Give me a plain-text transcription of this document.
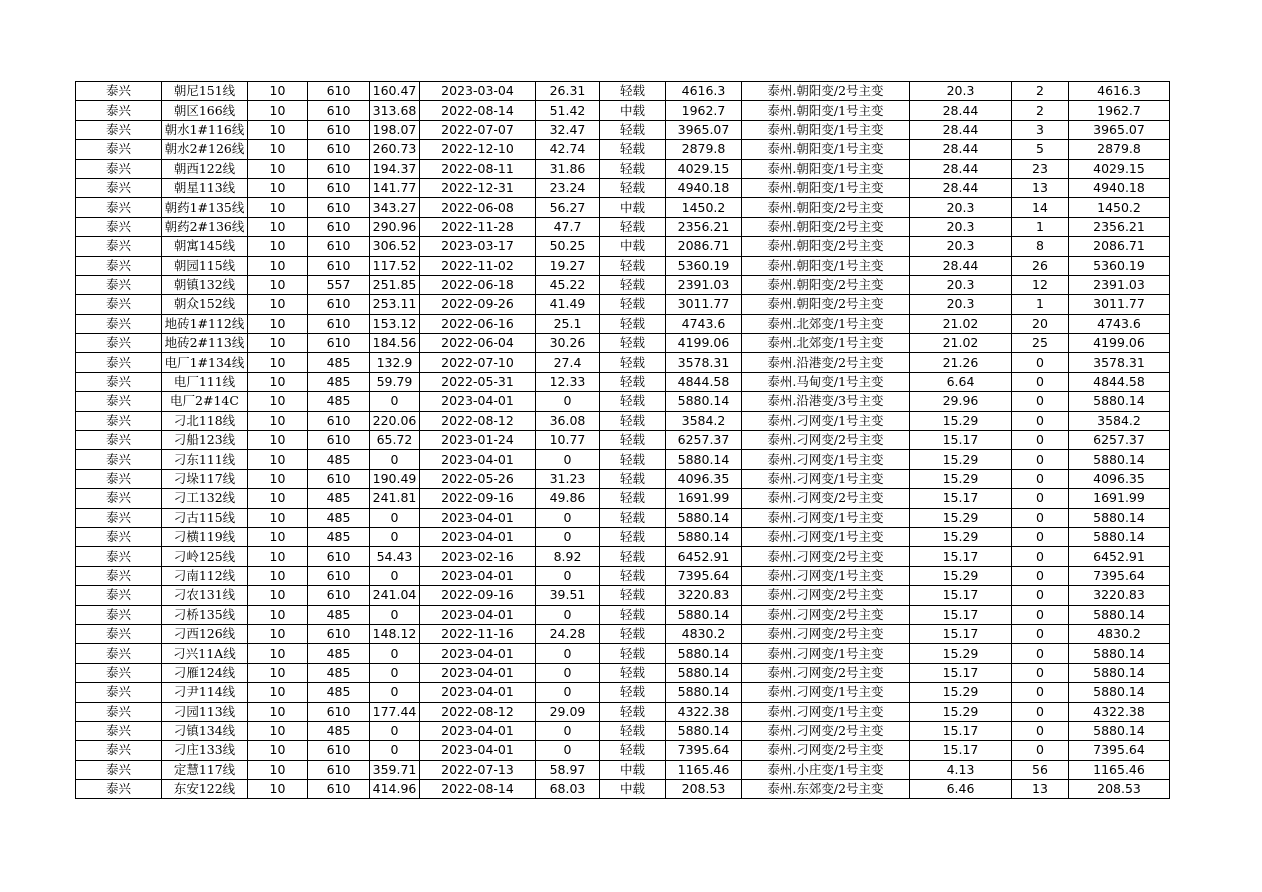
泰兴	朝尼151线	10	610	160.47	2023-03-04	26.31	轻载	4616.3	泰州.朝阳变/2号主变	20.3	2	4616.3
泰兴	朝区166线	10	610	313.68	2022-08-14	51.42	中载	1962.7	泰州.朝阳变/1号主变	28.44	2	1962.7
泰兴	朝水1#116线	10	610	198.07	2022-07-07	32.47	轻载	3965.07	泰州.朝阳变/1号主变	28.44	3	3965.07
泰兴	朝水2#126线	10	610	260.73	2022-12-10	42.74	轻载	2879.8	泰州.朝阳变/1号主变	28.44	5	2879.8
泰兴	朝西122线	10	610	194.37	2022-08-11	31.86	轻载	4029.15	泰州.朝阳变/1号主变	28.44	23	4029.15
泰兴	朝星113线	10	610	141.77	2022-12-31	23.24	轻载	4940.18	泰州.朝阳变/1号主变	28.44	13	4940.18
泰兴	朝药1#135线	10	610	343.27	2022-06-08	56.27	中载	1450.2	泰州.朝阳变/2号主变	20.3	14	1450.2
泰兴	朝药2#136线	10	610	290.96	2022-11-28	47.7	轻载	2356.21	泰州.朝阳变/2号主变	20.3	1	2356.21
泰兴	朝寓145线	10	610	306.52	2023-03-17	50.25	中载	2086.71	泰州.朝阳变/2号主变	20.3	8	2086.71
泰兴	朝园115线	10	610	117.52	2022-11-02	19.27	轻载	5360.19	泰州.朝阳变/1号主变	28.44	26	5360.19
泰兴	朝镇132线	10	557	251.85	2022-06-18	45.22	轻载	2391.03	泰州.朝阳变/2号主变	20.3	12	2391.03
泰兴	朝众152线	10	610	253.11	2022-09-26	41.49	轻载	3011.77	泰州.朝阳变/2号主变	20.3	1	3011.77
泰兴	地砖1#112线	10	610	153.12	2022-06-16	25.1	轻载	4743.6	泰州.北郊变/1号主变	21.02	20	4743.6
泰兴	地砖2#113线	10	610	184.56	2022-06-04	30.26	轻载	4199.06	泰州.北郊变/1号主变	21.02	25	4199.06
泰兴	电厂1#134线	10	485	132.9	2022-07-10	27.4	轻载	3578.31	泰州.沿港变/2号主变	21.26	0	3578.31
泰兴	电厂111线	10	485	59.79	2022-05-31	12.33	轻载	4844.58	泰州.马甸变/1号主变	6.64	0	4844.58
泰兴	电厂2#14C	10	485	0	2023-04-01	0	轻载	5880.14	泰州.沿港变/3号主变	29.96	0	5880.14
泰兴	刁北118线	10	610	220.06	2022-08-12	36.08	轻载	3584.2	泰州.刁网变/1号主变	15.29	0	3584.2
泰兴	刁船123线	10	610	65.72	2023-01-24	10.77	轻载	6257.37	泰州.刁网变/2号主变	15.17	0	6257.37
泰兴	刁东111线	10	485	0	2023-04-01	0	轻载	5880.14	泰州.刁网变/1号主变	15.29	0	5880.14
泰兴	刁垛117线	10	610	190.49	2022-05-26	31.23	轻载	4096.35	泰州.刁网变/1号主变	15.29	0	4096.35
泰兴	刁工132线	10	485	241.81	2022-09-16	49.86	轻载	1691.99	泰州.刁网变/2号主变	15.17	0	1691.99
泰兴	刁古115线	10	485	0	2023-04-01	0	轻载	5880.14	泰州.刁网变/1号主变	15.29	0	5880.14
泰兴	刁横119线	10	485	0	2023-04-01	0	轻载	5880.14	泰州.刁网变/1号主变	15.29	0	5880.14
泰兴	刁岭125线	10	610	54.43	2023-02-16	8.92	轻载	6452.91	泰州.刁网变/2号主变	15.17	0	6452.91
泰兴	刁南112线	10	610	0	2023-04-01	0	轻载	7395.64	泰州.刁网变/1号主变	15.29	0	7395.64
泰兴	刁农131线	10	610	241.04	2022-09-16	39.51	轻载	3220.83	泰州.刁网变/2号主变	15.17	0	3220.83
泰兴	刁桥135线	10	485	0	2023-04-01	0	轻载	5880.14	泰州.刁网变/2号主变	15.17	0	5880.14
泰兴	刁西126线	10	610	148.12	2022-11-16	24.28	轻载	4830.2	泰州.刁网变/2号主变	15.17	0	4830.2
泰兴	刁兴11A线	10	485	0	2023-04-01	0	轻载	5880.14	泰州.刁网变/1号主变	15.29	0	5880.14
泰兴	刁雁124线	10	485	0	2023-04-01	0	轻载	5880.14	泰州.刁网变/2号主变	15.17	0	5880.14
泰兴	刁尹114线	10	485	0	2023-04-01	0	轻载	5880.14	泰州.刁网变/1号主变	15.29	0	5880.14
泰兴	刁园113线	10	610	177.44	2022-08-12	29.09	轻载	4322.38	泰州.刁网变/1号主变	15.29	0	4322.38
泰兴	刁镇134线	10	485	0	2023-04-01	0	轻载	5880.14	泰州.刁网变/2号主变	15.17	0	5880.14
泰兴	刁庄133线	10	610	0	2023-04-01	0	轻载	7395.64	泰州.刁网变/2号主变	15.17	0	7395.64
泰兴	定慧117线	10	610	359.71	2022-07-13	58.97	中载	1165.46	泰州.小庄变/1号主变	4.13	56	1165.46
泰兴	东安122线	10	610	414.96	2022-08-14	68.03	中载	208.53	泰州.东郊变/2号主变	6.46	13	208.53
